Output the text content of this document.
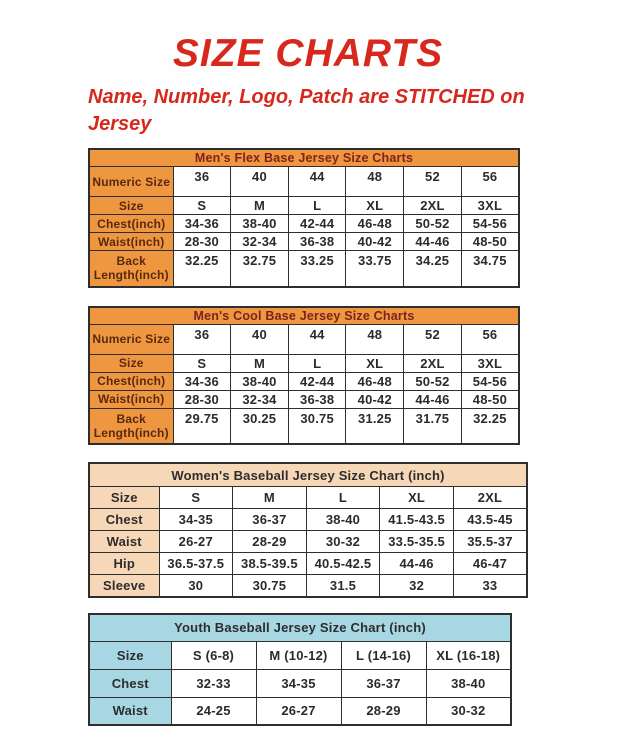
SIZE CHARTS
Name, Number, Logo, Patch are STITCHED on Jersey
Men's Flex Base Jersey Size Charts						
Numeric Size	36	40	44	48	52	56
Size	S	M	L	XL	2XL	3XL
Chest(inch)	34-36	38-40	42-44	46-48	50-52	54-56
Waist(inch)	28-30	32-34	36-38	40-42	44-46	48-50
Back Length(inch)	32.25	32.75	33.25	33.75	34.25	34.75
Men's Cool Base Jersey Size Charts						
Numeric Size	36	40	44	48	52	56
Size	S	M	L	XL	2XL	3XL
Chest(inch)	34-36	38-40	42-44	46-48	50-52	54-56
Waist(inch)	28-30	32-34	36-38	40-42	44-46	48-50
Back Length(inch)	29.75	30.25	30.75	31.25	31.75	32.25
Women's Baseball Jersey Size Chart (inch)					
Size	S	M	L	XL	2XL
Chest	34-35	36-37	38-40	41.5-43.5	43.5-45
Waist	26-27	28-29	30-32	33.5-35.5	35.5-37
Hip	36.5-37.5	38.5-39.5	40.5-42.5	44-46	46-47
Sleeve	30	30.75	31.5	32	33
Youth Baseball Jersey Size Chart (inch)				
Size	S (6-8)	M (10-12)	L (14-16)	XL (16-18)
Chest	32-33	34-35	36-37	38-40
Waist	24-25	26-27	28-29	30-32
